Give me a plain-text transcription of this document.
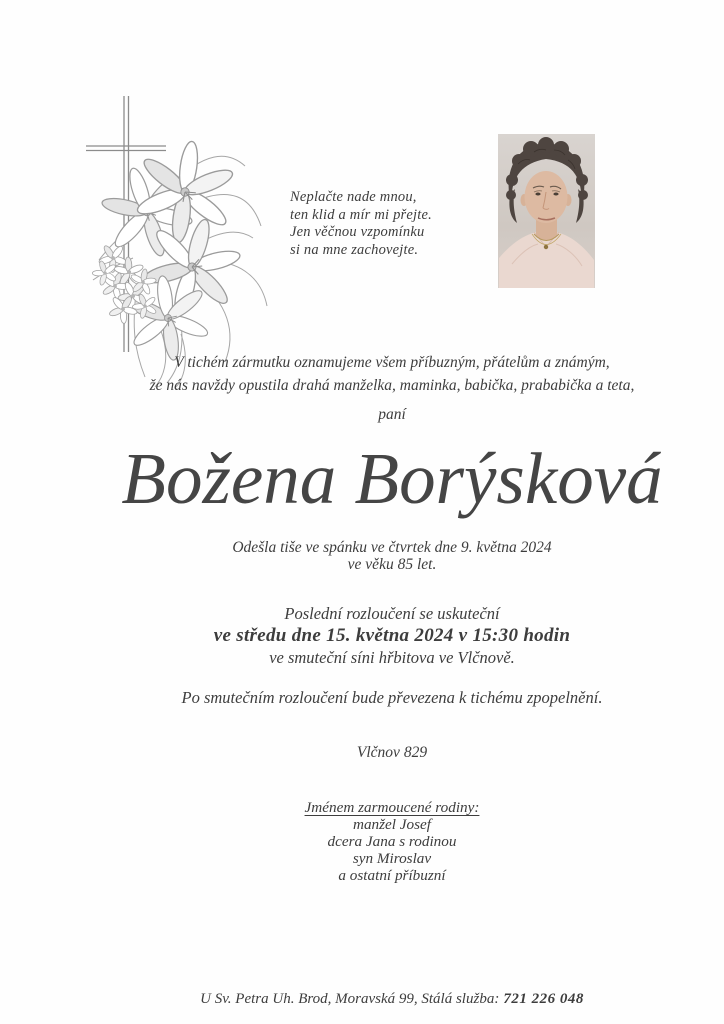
Neplačte nade mnou,
ten klid a mír mi přejte.
Jen věčnou vzpomínku
si na mne zachovejte.
V tichém zármutku oznamujeme všem příbuzným, přátelům a známým,
že nás navždy opustila drahá manželka, maminka, babička, prababička a teta,
paní
Božena Borýsková
Odešla tiše ve spánku ve čtvrtek dne 9. května 2024
ve věku 85 let.
Poslední rozloučení se uskuteční
ve středu dne 15. května 2024 v 15:30 hodin
ve smuteční síni hřbitova ve Vlčnově.
Po smutečním rozloučení bude převezena k tichému zpopelnění.
Vlčnov 829
Jménem zarmoucené rodiny:
manžel Josef
dcera Jana s rodinou
syn Miroslav
a ostatní příbuzní
U Sv. Petra Uh. Brod, Moravská 99, Stálá služba: 721 226 048
